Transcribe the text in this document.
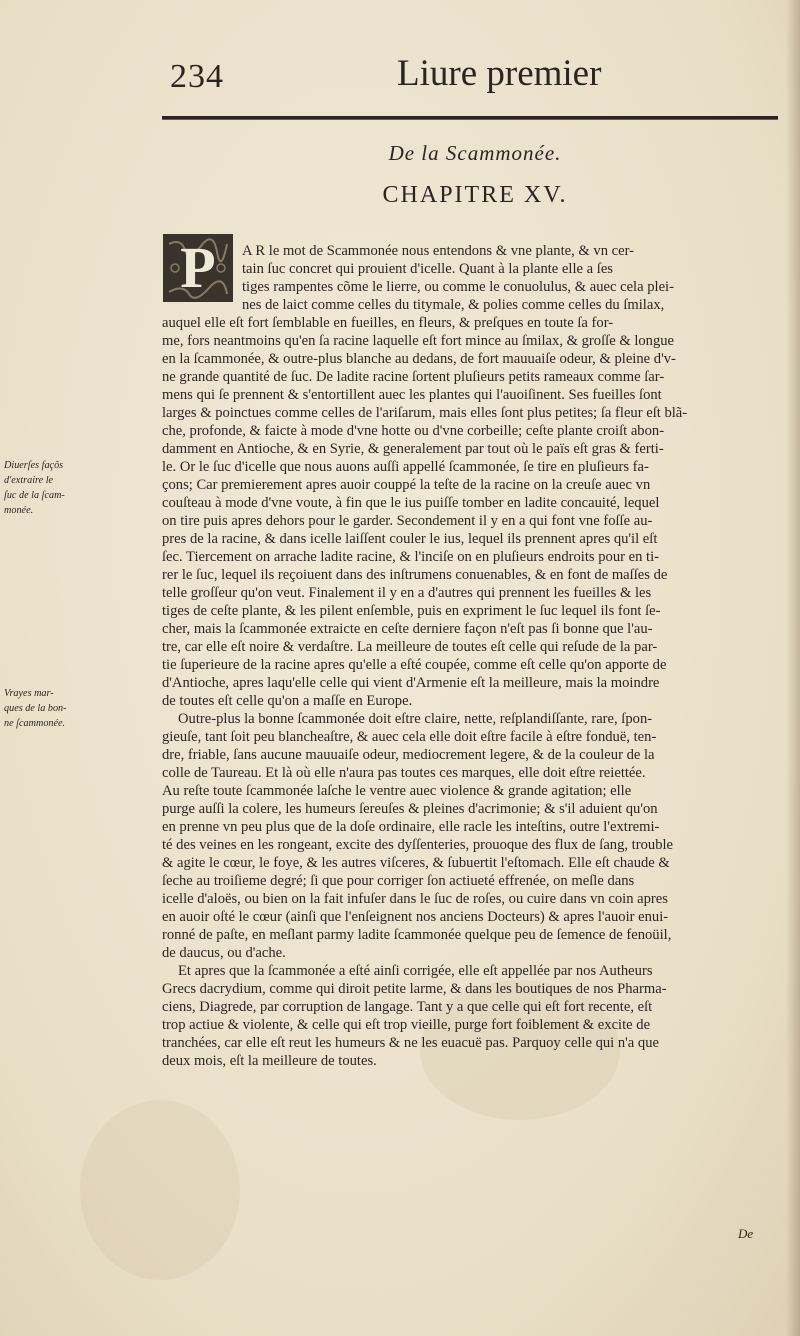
234	Liure premier
De la Scammonée.
CHAPITRE XV.
P	A R le mot de Scammonée nous entendons & vne plante, & vn cer-
tain ſuc concret qui prouient d'icelle. Quant à la plante elle a ſes
tiges rampentes cõme le lierre, ou comme le conuolulus, & auec cela plei-
nes de laict comme celles du titymale, & polies comme celles du ſmilax,
auquel elle eſt fort ſemblable en fueilles, en fleurs, & preſques en toute ſa for-
me, fors neantmoins qu'en ſa racine laquelle eſt fort mince au ſmilax, & groſſe & longue
en la ſcammonée, & outre-plus blanche au dedans, de fort mauuaiſe odeur, & pleine d'v-
ne grande quantité de ſuc. De ladite racine ſortent pluſieurs petits rameaux comme ſar-
mens qui ſe prennent & s'entortillent auec les plantes qui l'auoiſinent. Ses fueilles ſont
larges & poinctues comme celles de l'ariſarum, mais elles ſont plus petites; ſa fleur eſt blã-
che, profonde, & faicte à mode d'vne hotte ou d'vne corbeille; ceſte plante croiſt abon-
damment en Antioche, & en Syrie, & generalement par tout où le païs eſt gras & ferti-
le. Or le ſuc d'icelle que nous auons auſſi appellé ſcammonée, ſe tire en pluſieurs fa-
çons; Car premierement apres auoir couppé la teſte de la racine on la creuſe auec vn
couſteau à mode d'vne voute, à fin que le ius puiſſe tomber en ladite concauité, lequel
on tire puis apres dehors pour le garder. Secondement il y en a qui font vne foſſe au-
pres de la racine, & dans icelle laiſſent couler le ius, lequel ils prennent apres qu'il eſt
ſec. Tiercement on arrache ladite racine, & l'inciſe on en pluſieurs endroits pour en ti-
rer le ſuc, lequel ils reçoiuent dans des inſtrumens conuenables, & en font de maſſes de
telle groſſeur qu'on veut. Finalement il y en a d'autres qui prennent les fueilles & les
tiges de ceſte plante, & les pilent enſemble, puis en expriment le ſuc lequel ils font ſe-
cher, mais la ſcammonée extraicte en ceſte derniere façon n'eſt pas ſi bonne que l'au-
tre, car elle eſt noire & verdaſtre. La meilleure de toutes eſt celle qui reſude de la par-
tie ſuperieure de la racine apres qu'elle a eſté coupée, comme eſt celle qu'on apporte de
d'Antioche, apres laqu'elle celle qui vient d'Armenie eſt la meilleure, mais la moindre
de toutes eſt celle qu'on a maſſe en Europe.
Outre-plus la bonne ſcammonée doit eſtre claire, nette, reſplandiſſante, rare, ſpon-
gieuſe, tant ſoit peu blancheaſtre, & auec cela elle doit eſtre facile à eſtre fonduë, ten-
dre, friable, ſans aucune mauuaiſe odeur, mediocrement legere, & de la couleur de la
colle de Taureau. Et là où elle n'aura pas toutes ces marques, elle doit eſtre reiettée.
Au reſte toute ſcammonée laſche le ventre auec violence & grande agitation; elle
purge auſſi la colere, les humeurs ſereuſes & pleines d'acrimonie; & s'il aduient qu'on
en prenne vn peu plus que de la doſe ordinaire, elle racle les inteſtins, outre l'extremi-
té des veines en les rongeant, excite des dyſſenteries, prouoque des flux de ſang, trouble
& agite le cœur, le foye, & les autres viſceres, & ſubuertit l'eſtomach. Elle eſt chaude &
ſeche au troiſieme degré; ſi que pour corriger ſon actiueté effrenée, on meſle dans
icelle d'aloës, ou bien on la fait infuſer dans le ſuc de roſes, ou cuire dans vn coin apres
en auoir oſté le cœur (ainſi que l'enſeignent nos anciens Docteurs) & apres l'auoir enui-
ronné de paſte, en meſlant parmy ladite ſcammonée quelque peu de ſemence de fenoüil,
de daucus, ou d'ache.
Et apres que la ſcammonée a eſté ainſi corrigée, elle eſt appellée par nos Autheurs
Grecs dacrydium, comme qui diroit petite larme, & dans les boutiques de nos Pharma-
ciens, Diagrede, par corruption de langage. Tant y a que celle qui eſt fort recente, eſt
trop actiue & violente, & celle qui eſt trop vieille, purge fort foiblement & excite de
tranchées, car elle eſt reut les humeurs & ne les euacuë pas. Parquoy celle qui n'a que
deux mois, eſt la meilleure de toutes.
Diuerſes façõs
d'extraire le
ſuc de la ſcam-
monée.
Vrayes mar-
ques de la bon-
ne ſcammonée.
De
